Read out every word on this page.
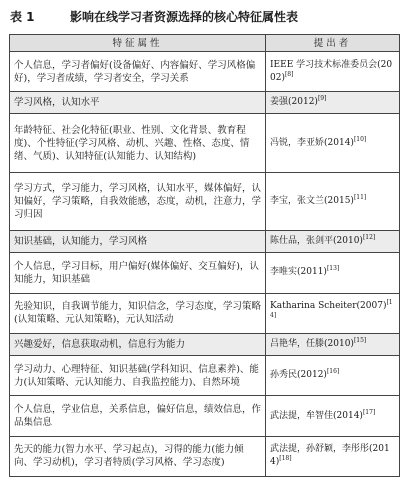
表 1	影响在线学习者资源选择的核心特征属性表
特征属性	提出者
个人信息，学习者偏好(设备偏好、内容偏好、学习风格偏好)，学习者成绩，学习者安全，学习关系	IEEE 学习技术标准委员会(2002)[8]
学习风格，认知水平	姜强(2012)[9]
年龄特征、社会化特征(职业、性别、文化背景、教育程度)、个性特征(学习风格、动机、兴趣、性格、态度、情绪、气质)、认知特征(认知能力、认知结构)	冯锐，李亚娇(2014)[10]
学习方式，学习能力，学习风格，认知水平，媒体偏好，认知偏好，学习策略，自我效能感，态度，动机，注意力，学习归因	李宝，张文兰(2015)[11]
知识基础，认知能力，学习风格	陈仕品，张剑平(2010)[12]
个人信息，学习目标，用户偏好(媒体偏好、交互偏好)，认知能力，知识基础	李唯实(2011)[13]
先验知识，自我调节能力，知识信念，学习态度，学习策略(认知策略、元认知策略)，元认知活动	Katharina Scheiter(2007)[14]
兴趣爱好，信息获取动机，信息行为能力	吕艳华，任滕(2010)[15]
学习动力、心理特征、知识基础(学科知识、信息素养)、能力(认知策略、元认知能力、自我监控能力)、自然环境	孙秀民(2012)[16]
个人信息，学业信息，关系信息，偏好信息，绩效信息，作品集信息	武法提，牟智佳(2014)[17]
先天的能力(智力水平、学习起点)，习得的能力(能力倾向、学习动机)，学习者特质(学习风格、学习态度)	武法提，孙舒颖，李彤彤(2014)[18]
